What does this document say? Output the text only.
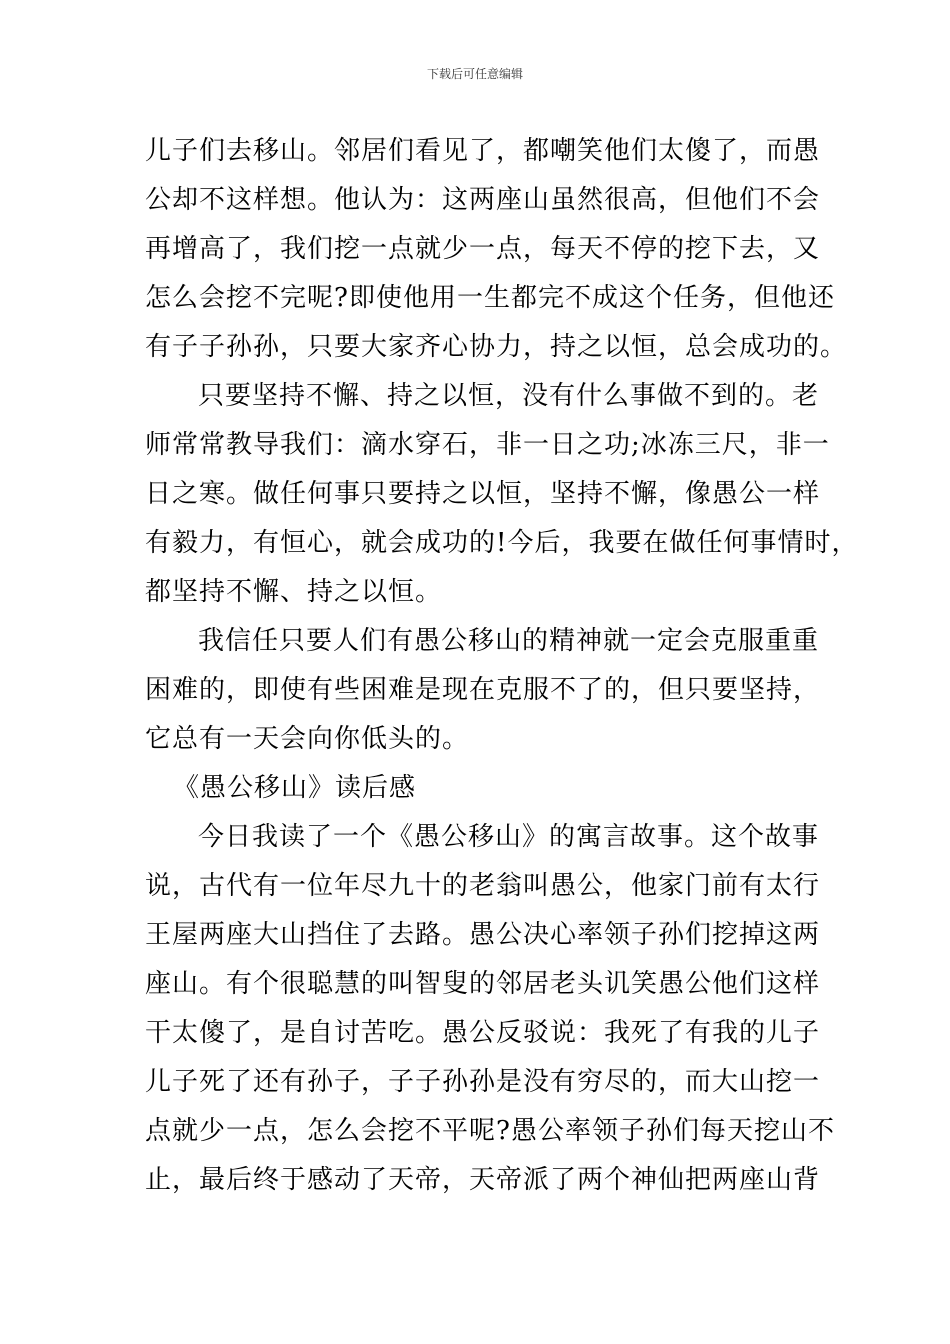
下载后可任意编辑
儿子们去移山。邻居们看见了，都嘲笑他们太傻了，而愚
公却不这样想。他认为：这两座山虽然很高，但他们不会
再增高了，我们挖一点就少一点，每天不停的挖下去，又
怎么会挖不完呢?即使他用一生都完不成这个任务，但他还
有子子孙孙，只要大家齐心协力，持之以恒，总会成功的。
只要坚持不懈、持之以恒，没有什么事做不到的。老
师常常教导我们：滴水穿石，非一日之功;冰冻三尺，非一
日之寒。做任何事只要持之以恒，坚持不懈，像愚公一样
有毅力，有恒心，就会成功的!今后，我要在做任何事情时，
都坚持不懈、持之以恒。
我信任只要人们有愚公移山的精神就一定会克服重重
困难的，即使有些困难是现在克服不了的，但只要坚持，
它总有一天会向你低头的。
《愚公移山》读后感
今日我读了一个《愚公移山》的寓言故事。这个故事
说，古代有一位年尽九十的老翁叫愚公，他家门前有太行
王屋两座大山挡住了去路。愚公决心率领子孙们挖掉这两
座山。有个很聪慧的叫智叟的邻居老头讥笑愚公他们这样
干太傻了，是自讨苦吃。愚公反驳说：我死了有我的儿子
儿子死了还有孙子，子子孙孙是没有穷尽的，而大山挖一
点就少一点，怎么会挖不平呢?愚公率领子孙们每天挖山不
止，最后终于感动了天帝，天帝派了两个神仙把两座山背
